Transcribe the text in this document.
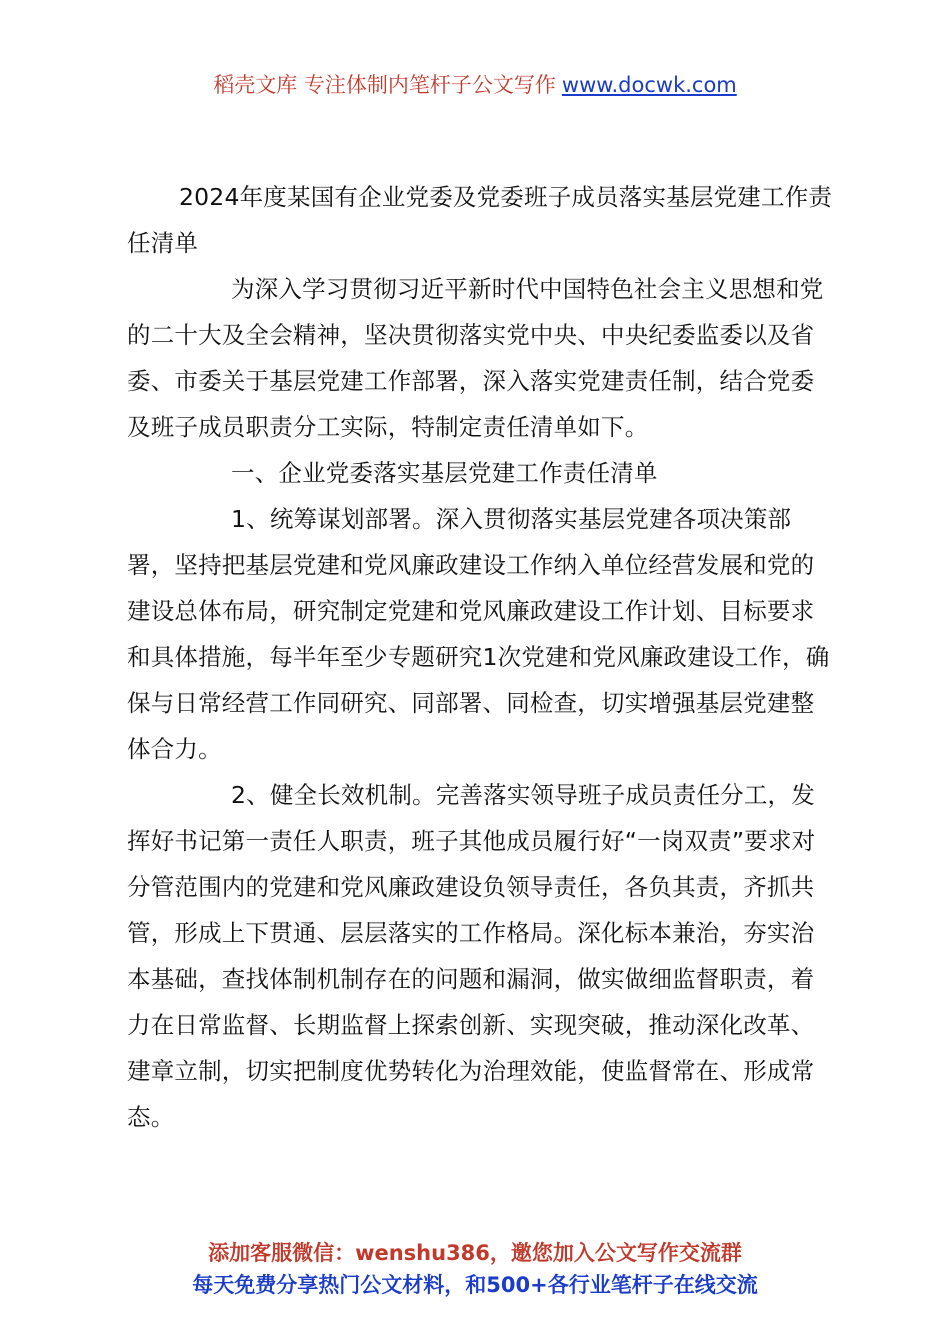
稻壳文库 专注体制内笔杆子公文写作 www.docwk.com

2024年度某国有企业党委及党委班子成员落实基层党建工作责任清单

为深入学习贯彻习近平新时代中国特色社会主义思想和党的二十大及全会精神，坚决贯彻落实党中央、中央纪委监委以及省委、市委关于基层党建工作部署，深入落实党建责任制，结合党委及班子成员职责分工实际，特制定责任清单如下。

一、企业党委落实基层党建工作责任清单

1、统筹谋划部署。深入贯彻落实基层党建各项决策部署，坚持把基层党建和党风廉政建设工作纳入单位经营发展和党的建设总体布局，研究制定党建和党风廉政建设工作计划、目标要求和具体措施，每半年至少专题研究1次党建和党风廉政建设工作，确保与日常经营工作同研究、同部署、同检查，切实增强基层党建整体合力。

2、健全长效机制。完善落实领导班子成员责任分工，发挥好书记第一责任人职责，班子其他成员履行好“一岗双责”要求对分管范围内的党建和党风廉政建设负领导责任，各负其责，齐抓共管，形成上下贯通、层层落实的工作格局。深化标本兼治，夯实治本基础，查找体制机制存在的问题和漏洞，做实做细监督职责，着力在日常监督、长期监督上探索创新、实现突破，推动深化改革、建章立制，切实把制度优势转化为治理效能，使监督常在、形成常态。

添加客服微信：wenshu386，邀您加入公文写作交流群
每天免费分享热门公文材料，和500+各行业笔杆子在线交流
